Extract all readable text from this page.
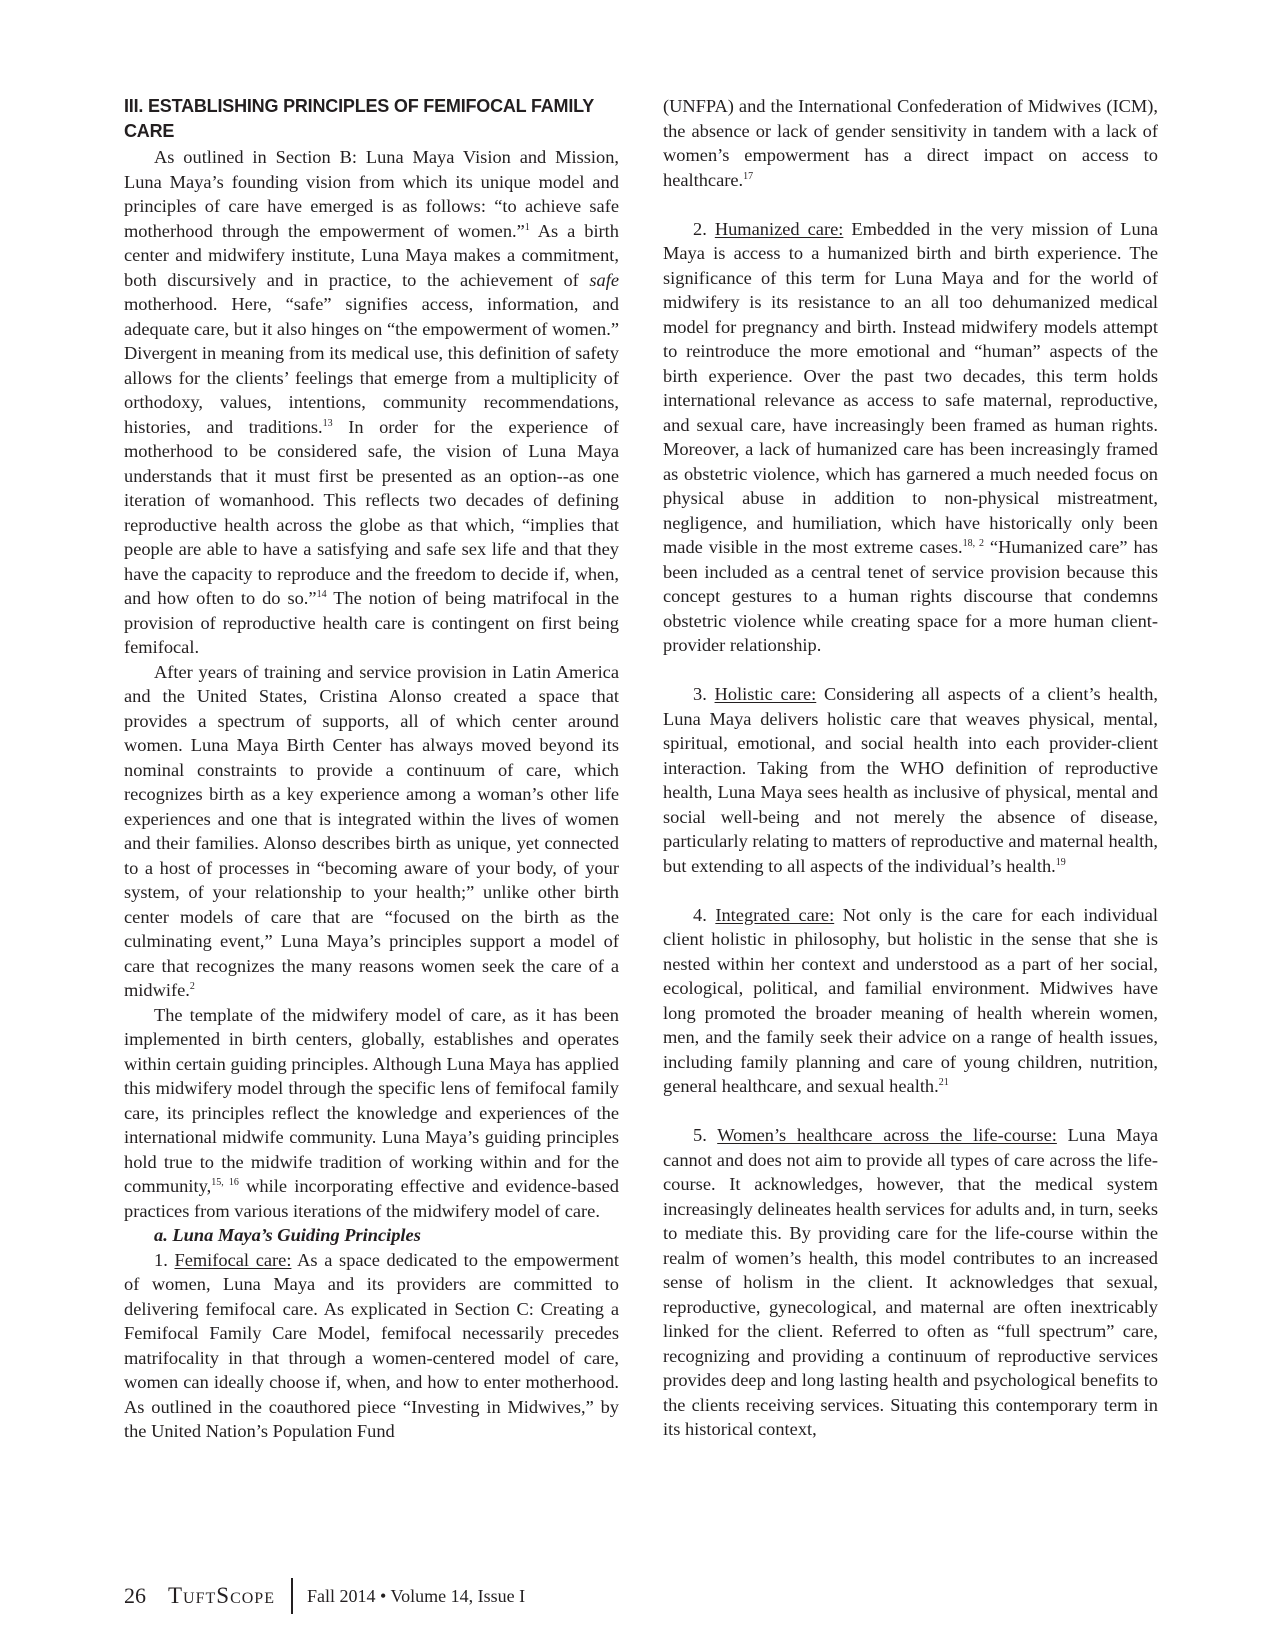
III. ESTABLISHING PRINCIPLES OF FEMIFOCAL FAMILY CARE

As outlined in Section B: Luna Maya Vision and Mission, Luna Maya’s founding vision from which its unique model and principles of care have emerged is as follows: “to achieve safe motherhood through the empowerment of women.”$^1$ As a birth center and midwifery institute, Luna Maya makes a commitment, both discursively and in practice, to the achievement of safe motherhood. Here, “safe” signifies access, information, and adequate care, but it also hinges on “the empowerment of women.” Divergent in meaning from its medical use, this definition of safety allows for the clients’ feelings that emerge from a multiplicity of orthodoxy, values, intentions, community recommendations, histories, and traditions.$^{13}$ In order for the experience of motherhood to be considered safe, the vision of Luna Maya understands that it must first be presented as an option--as one iteration of womanhood. This reflects two decades of defining reproductive health across the globe as that which, “implies that people are able to have a satisfying and safe sex life and that they have the capacity to reproduce and the freedom to decide if, when, and how often to do so.”$^{14}$ The notion of being matrifocal in the provision of reproductive health care is contingent on first being femifocal.

After years of training and service provision in Latin America and the United States, Cristina Alonso created a space that provides a spectrum of supports, all of which center around women. Luna Maya Birth Center has always moved beyond its nominal constraints to provide a continuum of care, which recognizes birth as a key experience among a woman’s other life experiences and one that is integrated within the lives of women and their families. Alonso describes birth as unique, yet connected to a host of processes in “becoming aware of your body, of your system, of your relationship to your health;” unlike other birth center models of care that are “focused on the birth as the culminating event,” Luna Maya’s principles support a model of care that recognizes the many reasons women seek the care of a midwife.$^2$

The template of the midwifery model of care, as it has been implemented in birth centers, globally, establishes and operates within certain guiding principles. Although Luna Maya has applied this midwifery model through the specific lens of femifocal family care, its principles reflect the knowledge and experiences of the international midwife community. Luna Maya’s guiding principles hold true to the midwife tradition of working within and for the community,$^{15, 16}$ while incorporating effective and evidence-based practices from various iterations of the midwifery model of care.

a. Luna Maya’s Guiding Principles

1. Femifocal care: As a space dedicated to the empowerment of women, Luna Maya and its providers are committed to delivering femifocal care. As explicated in Section C: Creating a Femifocal Family Care Model, femifocal necessarily precedes matrifocality in that through a women-centered model of care, women can ideally choose if, when, and how to enter motherhood. As outlined in the coauthored piece “Investing in Midwives,” by the United Nation’s Population Fund

(UNFPA) and the International Confederation of Midwives (ICM), the absence or lack of gender sensitivity in tandem with a lack of women’s empowerment has a direct impact on access to healthcare.$^{17}$

2. Humanized care: Embedded in the very mission of Luna Maya is access to a humanized birth and birth experience. The significance of this term for Luna Maya and for the world of midwifery is its resistance to an all too dehumanized medical model for pregnancy and birth. Instead midwifery models attempt to reintroduce the more emotional and “human” aspects of the birth experience. Over the past two decades, this term holds international relevance as access to safe maternal, reproductive, and sexual care, have increasingly been framed as human rights. Moreover, a lack of humanized care has been increasingly framed as obstetric violence, which has garnered a much needed focus on physical abuse in addition to non-physical mistreatment, negligence, and humiliation, which have historically only been made visible in the most extreme cases.$^{18, 2}$ “Humanized care” has been included as a central tenet of service provision because this concept gestures to a human rights discourse that condemns obstetric violence while creating space for a more human client-provider relationship.

3. Holistic care: Considering all aspects of a client’s health, Luna Maya delivers holistic care that weaves physical, mental, spiritual, emotional, and social health into each provider-client interaction. Taking from the WHO definition of reproductive health, Luna Maya sees health as inclusive of physical, mental and social well-being and not merely the absence of disease, particularly relating to matters of reproductive and maternal health, but extending to all aspects of the individual’s health.$^{19}$

4. Integrated care: Not only is the care for each individual client holistic in philosophy, but holistic in the sense that she is nested within her context and understood as a part of her social, ecological, political, and familial environment. Midwives have long promoted the broader meaning of health wherein women, men, and the family seek their advice on a range of health issues, including family planning and care of young children, nutrition, general healthcare, and sexual health.$^{21}$

5. Women’s healthcare across the life-course: Luna Maya cannot and does not aim to provide all types of care across the life-course. It acknowledges, however, that the medical system increasingly delineates health services for adults and, in turn, seeks to mediate this. By providing care for the life-course within the realm of women’s health, this model contributes to an increased sense of holism in the client. It acknowledges that sexual, reproductive, gynecological, and maternal are often inextricably linked for the client. Referred to often as “full spectrum” care, recognizing and providing a continuum of reproductive services provides deep and long lasting health and psychological benefits to the clients receiving services. Situating this contemporary term in its historical context,

26 TuftScope Fall 2014 • Volume 14, Issue I
